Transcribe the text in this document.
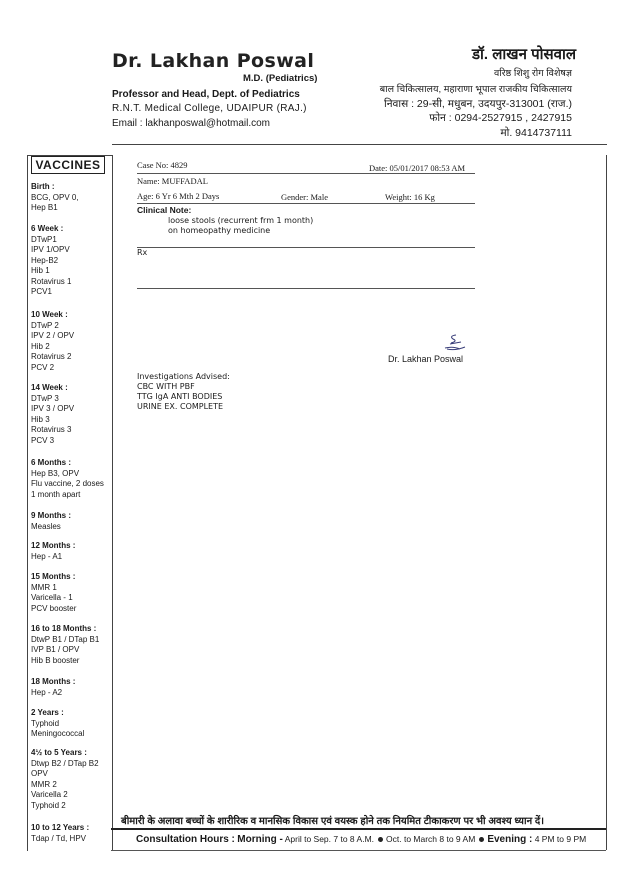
Dr. Lakhan Poswal
M.D. (Pediatrics)
Professor and Head, Dept. of Pediatrics
R.N.T. Medical College, UDAIPUR (RAJ.)
Email : lakhanposwal@hotmail.com
डॉ. लाखन पोसवाल
वरिष्ठ शिशु रोग विशेषज्ञ
बाल चिकित्सालय, महाराणा भूपाल राजकीय चिकित्सालय
निवास : 29-सी, मधुबन, उदयपुर-313001 (राज.)
फोन : 0294-2527915 , 2427915
मो. 9414737111
VACCINES
Birth :
BCG, OPV 0,
Hep B1
6 Week :
DTwP1
IPV 1/OPV
Hep-B2
Hib 1
Rotavirus 1
PCV1
10 Week :
DTwP 2
IPV 2 / OPV
Hib 2
Rotavirus 2
PCV 2
14 Week :
DTwP 3
IPV 3 / OPV
Hib 3
Rotavirus 3
PCV 3
6 Months :
Hep B3, OPV
Flu vaccine, 2 doses
1 month apart
9 Months :
Measles
12 Months :
Hep - A1
15 Months :
MMR 1
Varicella - 1
PCV booster
16 to 18 Months :
DtwP B1 / DTap B1
IVP B1 / OPV
Hib B booster
18 Months :
Hep - A2
2 Years :
Typhoid
Meningococcal
4½ to 5 Years :
Dtwp B2 / DTap B2
OPV
MMR 2
Varicella 2
Typhoid 2
10 to 12 Years :
Tdap / Td, HPV
Case No: 4829	Date: 05/01/2017 08:53 AM
Name: MUFFADAL
Age: 6 Yr 6 Mth 2 Days	Gender: Male	Weight: 16 Kg
Clinical Note:
loose stools (recurrent frm 1 month)
on homeopathy medicine
Rx
Dr. Lakhan Poswal
Investigations Advised:
CBC WITH PBF
TTG IgA ANTI BODIES
URINE EX. COMPLETE
बीमारी के अलावा बच्चों के शारीरिक व मानसिक विकास एवं वयस्क होने तक नियमित टीकाकरण पर भी अवश्य ध्यान दें।
Consultation Hours : Morning - April to Sep. 7 to 8 A.M. Oct. to March 8 to 9 AM Evening : 4 PM to 9 PM
